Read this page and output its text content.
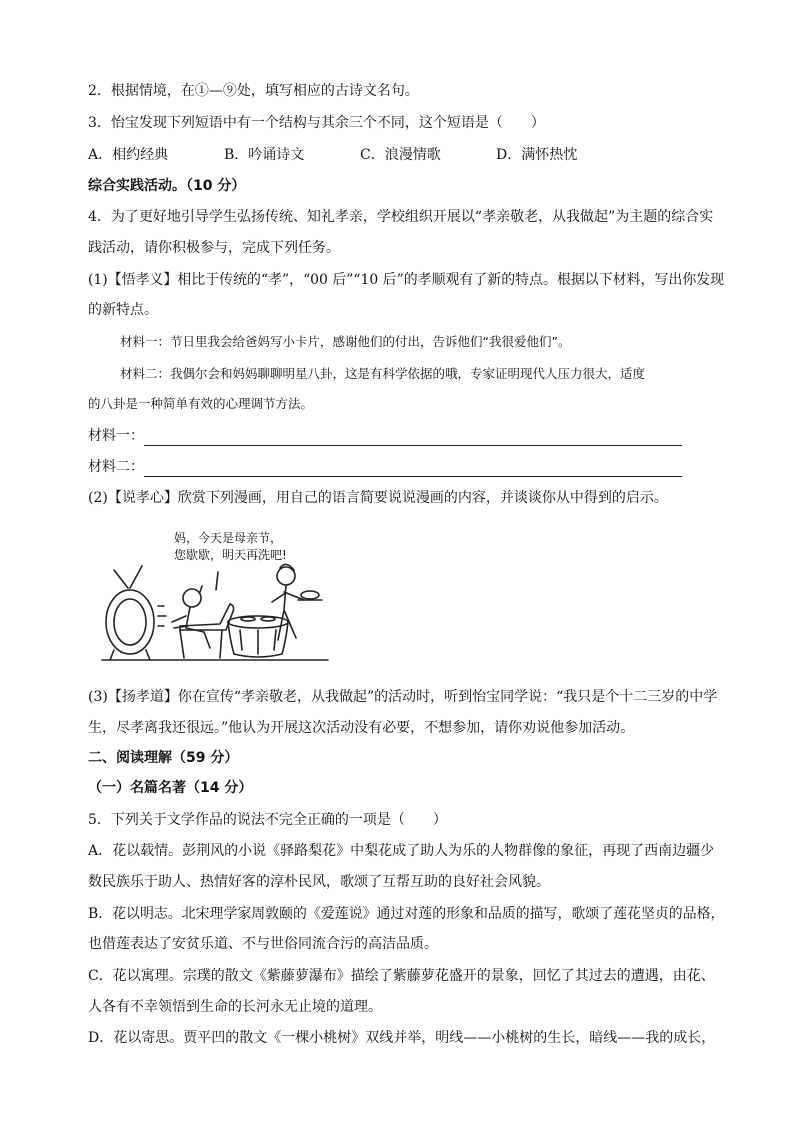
2．根据情境，在①—⑨处，填写相应的古诗文名句。
3．怡宝发现下列短语中有一个结构与其余三个不同，这个短语是（　　）
A．相约经典	B．吟诵诗文	C．浪漫情歌	D．满怀热忱
综合实践活动。（10 分）
4．为了更好地引导学生弘扬传统、知礼孝亲，学校组织开展以“孝亲敬老，从我做起”为主题的综合实
践活动，请你积极参与，完成下列任务。
(1)【悟孝义】相比于传统的“孝”，“00 后”“10 后”的孝顺观有了新的特点。根据以下材料，写出你发现
的新特点。
材料一：节日里我会给爸妈写小卡片，感谢他们的付出，告诉他们“我很爱他们”。
材料二：我偶尔会和妈妈聊聊明星八卦，这是有科学依据的哦，专家证明现代人压力很大，适度
的八卦是一种简单有效的心理调节方法。
材料一：
材料二：
(2)【说孝心】欣赏下列漫画，用自己的语言简要说说漫画的内容，并谈谈你从中得到的启示。
妈，今天是母亲节，
您歇歇，明天再洗吧!
(3)【扬孝道】你在宣传“孝亲敬老，从我做起”的活动时，听到怡宝同学说：“我只是个十二三岁的中学
生，尽孝离我还很远。”他认为开展这次活动没有必要，不想参加，请你劝说他参加活动。
二、阅读理解（59 分）
（一）名篇名著（14 分）
5．下列关于文学作品的说法不完全正确的一项是（　　）
A．花以载情。彭荆风的小说《驿路梨花》中梨花成了助人为乐的人物群像的象征，再现了西南边疆少
数民族乐于助人、热情好客的淳朴民风，歌颂了互帮互助的良好社会风貌。
B．花以明志。北宋理学家周敦颐的《爱莲说》通过对莲的形象和品质的描写，歌颂了莲花坚贞的品格，
也借莲表达了安贫乐道、不与世俗同流合污的高洁品质。
C．花以寓理。宗璞的散文《紫藤萝瀑布》描绘了紫藤萝花盛开的景象，回忆了其过去的遭遇，由花、
人各有不幸领悟到生命的长河永无止境的道理。
D．花以寄思。贾平凹的散文《一棵小桃树》双线并举，明线——小桃树的生长，暗线——我的成长，
